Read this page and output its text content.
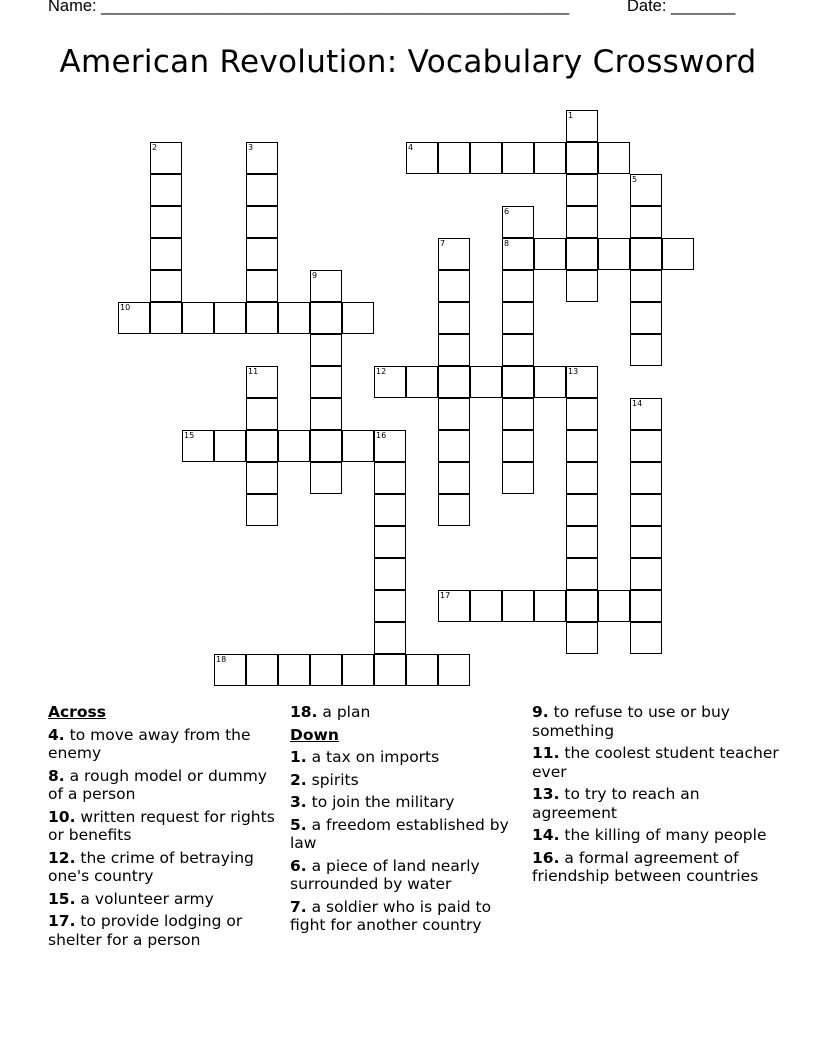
Name: ___________________________________________________	Date: _______
American Revolution: Vocabulary Crossword
1
2	3	4
5
6
7	8
9
10
11	12	13
14
15	16
17
18
Across
4. to move away from the enemy
8. a rough model or dummy of a person
10. written request for rights or benefits
12. the crime of betraying one's country
15. a volunteer army
17. to provide lodging or shelter for a person
18. a plan
Down
1. a tax on imports
2. spirits
3. to join the military
5. a freedom established by law
6. a piece of land nearly surrounded by water
7. a soldier who is paid to fight for another country
9. to refuse to use or buy something
11. the coolest student teacher ever
13. to try to reach an agreement
14. the killing of many people
16. a formal agreement of friendship between countries
